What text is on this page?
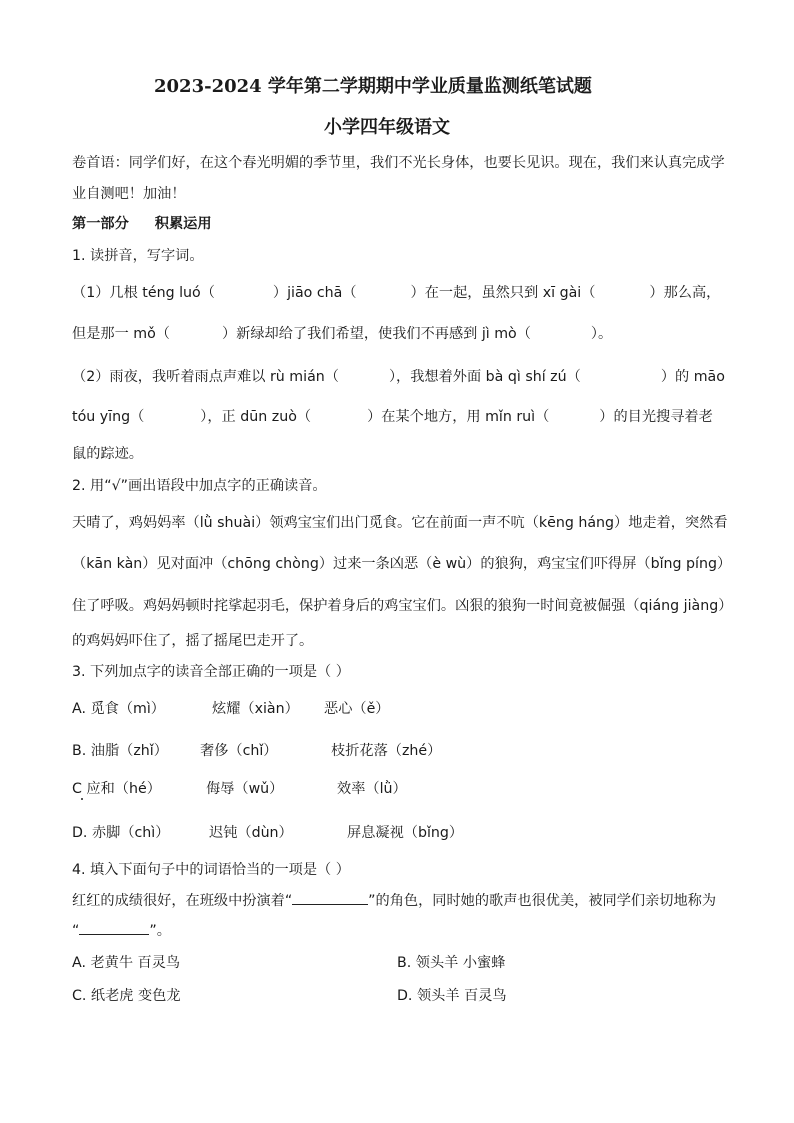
2023-2024 学年第二学期期中学业质量监测纸笔试题
小学四年级语文
卷首语：同学们好，在这个春光明媚的季节里，我们不光长身体，也要长见识。现在，我们来认真完成学
业自测吧！加油！
第一部分 积累运用
1. 读拼音，写字词。
（1）几根 téng luó（	）jiāo chā（	）在一起，虽然只到 xī gài（	）那么高，
但是那一 mǒ（	）新绿却给了我们希望，使我们不再感到 jì mò（	）。
（2）雨夜，我听着雨点声难以 rù mián（	），我想着外面 bà qì shí zú（	）的 māo
tóu yīng（	），正 dūn zuò（	）在某个地方，用 mǐn ruì（	）的目光搜寻着老
鼠的踪迹。
2. 用“√”画出语段中加点字的正确读音。
天晴了，鸡妈妈率（lǜ shuài）领鸡宝宝们出门觅食。它在前面一声不吭（kēng háng）地走着，突然看
（kān kàn）见对面冲（chōng chòng）过来一条凶恶（è wù）的狼狗，鸡宝宝们吓得屏（bǐng píng）
住了呼吸。鸡妈妈顿时挓挲起羽毛，保护着身后的鸡宝宝们。凶狠的狼狗一时间竟被倔强（qiáng jiàng）
的鸡妈妈吓住了，摇了摇尾巴走开了。
3. 下列加点字的读音全部正确的一项是（ ）
A. 觅食（mì）	炫耀（xiàn） 恶心（ě）
B. 油脂（zhǐ） 奢侈（chǐ）	枝折花落（zhé）
C 应和（hé）	侮辱（wǔ）	效率（lǜ）
D. 赤脚（chì）	迟钝（dùn）	屏息凝视（bǐng）
4. 填入下面句子中的词语恰当的一项是（ ）
红红的成绩很好，在班级中扮演着“	”的角色，同时她的歌声也很优美，被同学们亲切地称为
“	”。
A. 老黄牛 百灵鸟	B. 领头羊 小蜜蜂
C. 纸老虎 变色龙	D. 领头羊 百灵鸟
